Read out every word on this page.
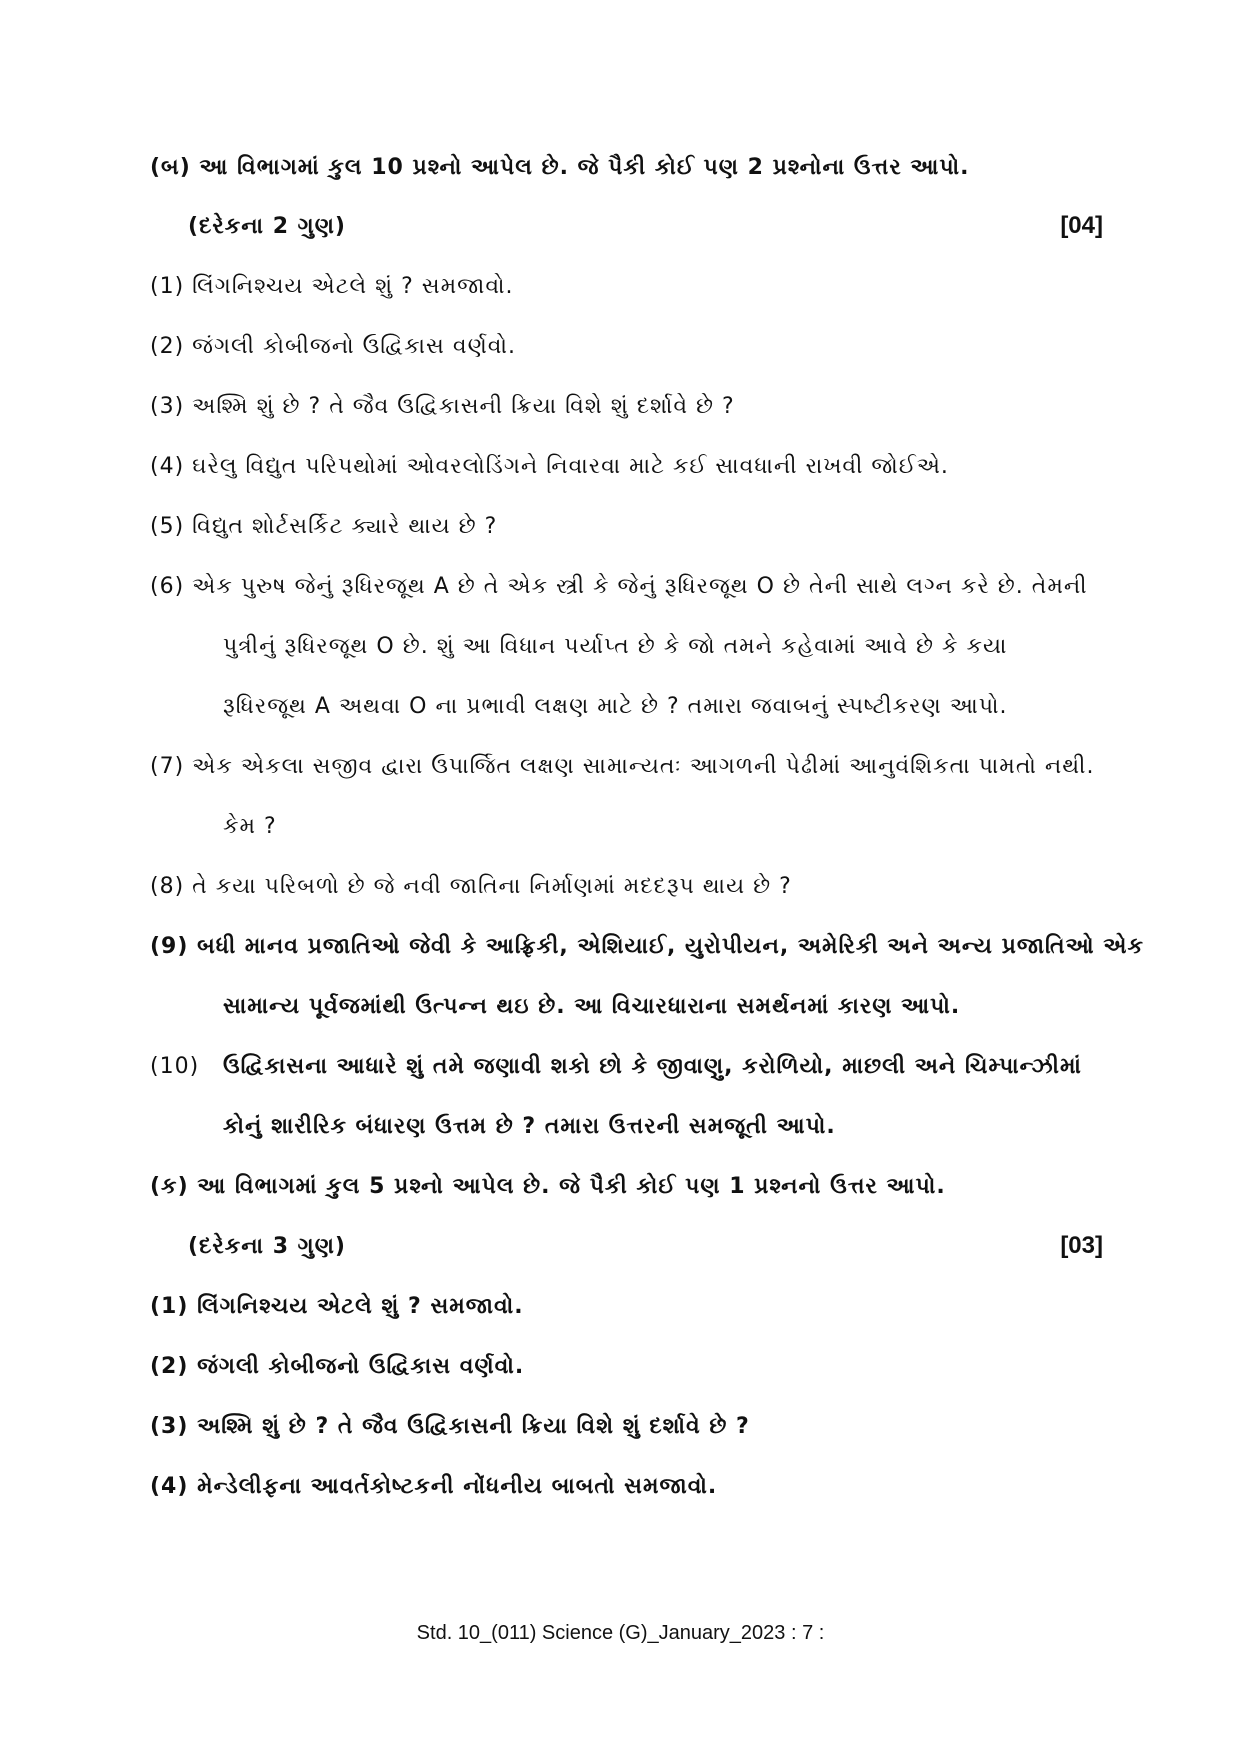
(બ) આ વિભાગમાં કુલ 10 પ્રશ્નો આપેલ છે. જે પૈકી કોઈ પણ 2 પ્રશ્નોના ઉત્તર આપો.
(દરેકના 2 ગુણ)	[04]
(1) લિંગનિશ્ચય એટલે શું ? સમજાવો.
(2) જંગલી કોબીજનો ઉદ્વિકાસ વર્ણવો.
(3) અશ્મિ શું છે ? તે જૈવ ઉદ્વિકાસની ક્રિયા વિશે શું દર્શાવે છે ?
(4) ઘરેલુ વિદ્યુત પરિપથોમાં ઓવરલોડિંગને નિવારવા માટે કઈ સાવધાની રાખવી જોઈએ.
(5) વિદ્યુત શોર્ટસર્કિટ ક્યારે થાય છે ?
(6) એક પુરુષ જેનું રૂધિરજૂથ A છે તે એક સ્ત્રી કે જેનું રૂધિરજૂથ O છે તેની સાથે લગ્ન કરે છે. તેમની
પુત્રીનું રૂધિરજૂથ O છે. શું આ વિધાન પર્યાપ્ત છે કે જો તમને કહેવામાં આવે છે કે કયા
રૂધિરજૂથ A અથવા O ના પ્રભાવી લક્ષણ માટે છે ? તમારા જવાબનું સ્પષ્ટીકરણ આપો.
(7) એક એકલા સજીવ દ્વારા ઉપાર્જિત લક્ષણ સામાન્યતઃ આગળની પેઢીમાં આનુવંશિકતા પામતો નથી.
કેમ ?
(8) તે કયા પરિબળો છે જે નવી જાતિના નિર્માણમાં મદદરૂપ થાય છે ?
(9) બધી માનવ પ્રજાતિઓ જેવી કે આફ્રિકી, એશિયાઈ, યુરોપીયન, અમેરિકી અને અન્ય પ્રજાતિઓ એક
સામાન્ય પૂર્વજમાંથી ઉત્પન્ન થઇ છે. આ વિચારધારાના સમર્થનમાં કારણ આપો.
(10) ઉદ્વિકાસના આધારે શું તમે જણાવી શકો છો કે જીવાણુ, કરોળિયો, માછલી અને ચિમ્પાન્ઝીમાં
કોનું શારીરિક બંધારણ ઉત્તમ છે ? તમારા ઉત્તરની સમજૂતી આપો.
(ક) આ વિભાગમાં કુલ 5 પ્રશ્નો આપેલ છે. જે પૈકી કોઈ પણ 1 પ્રશ્નનો ઉત્તર આપો.
(દરેકના 3 ગુણ)	[03]
(1) લિંગનિશ્ચય એટલે શું ? સમજાવો.
(2) જંગલી કોબીજનો ઉદ્વિકાસ વર્ણવો.
(3) અશ્મિ શું છે ? તે જૈવ ઉદ્વિકાસની ક્રિયા વિશે શું દર્શાવે છે ?
(4) મેન્ડેલીફના આવર્તકોષ્ટકની નોંધનીય બાબતો સમજાવો.
Std. 10_(011) Science (G)_January_2023 : 7 :
